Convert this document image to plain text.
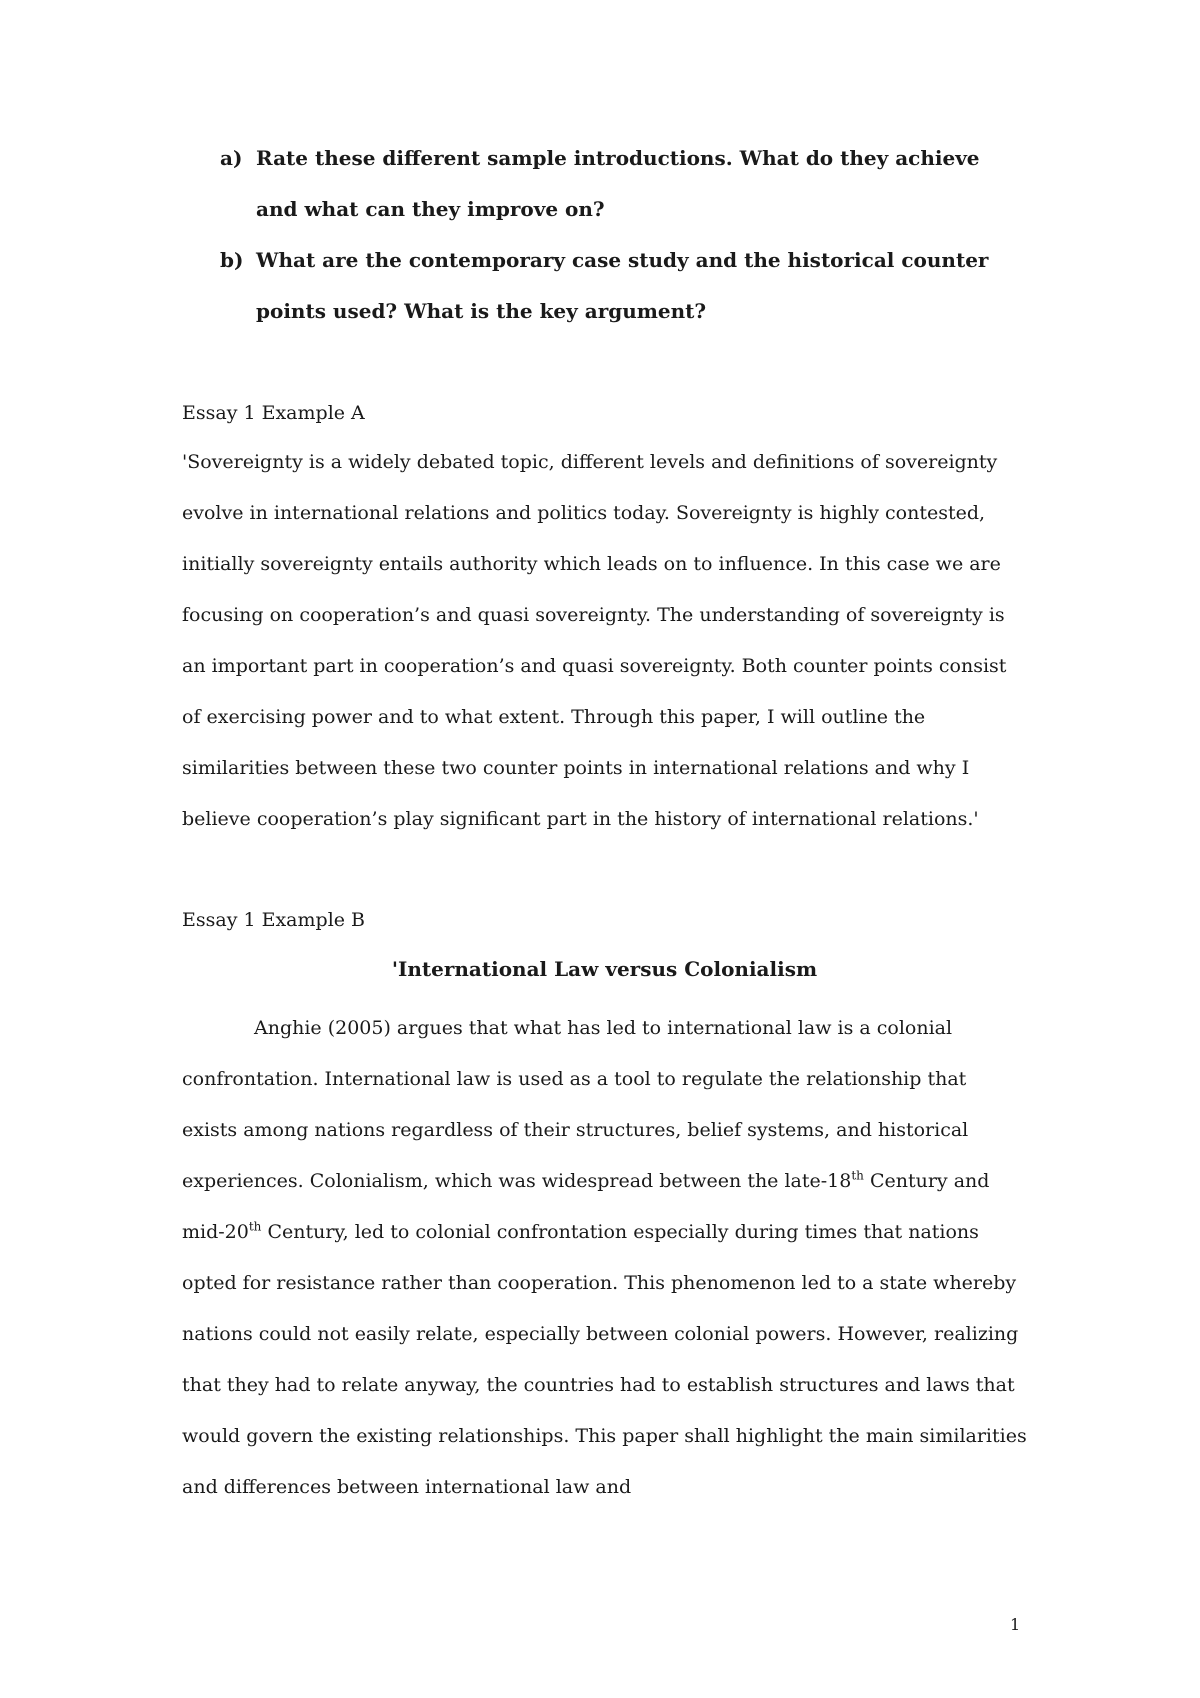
a) Rate these different sample introductions. What do they achieve and what can they improve on?
b) What are the contemporary case study and the historical counter points used? What is the key argument?
Essay 1 Example A
'Sovereignty is a widely debated topic, different levels and definitions of sovereignty evolve in international relations and politics today. Sovereignty is highly contested, initially sovereignty entails authority which leads on to influence. In this case we are focusing on cooperation’s and quasi sovereignty. The understanding of sovereignty is an important part in cooperation’s and quasi sovereignty. Both counter points consist of exercising power and to what extent. Through this paper, I will outline the similarities between these two counter points in international relations and why I believe cooperation’s play significant part in the history of international relations.'
Essay 1 Example B
'International Law versus Colonialism
Anghie (2005) argues that what has led to international law is a colonial confrontation. International law is used as a tool to regulate the relationship that exists among nations regardless of their structures, belief systems, and historical experiences. Colonialism, which was widespread between the late-18th Century and mid-20th Century, led to colonial confrontation especially during times that nations opted for resistance rather than cooperation. This phenomenon led to a state whereby nations could not easily relate, especially between colonial powers. However, realizing that they had to relate anyway, the countries had to establish structures and laws that would govern the existing relationships. This paper shall highlight the main similarities and differences between international law and
1
